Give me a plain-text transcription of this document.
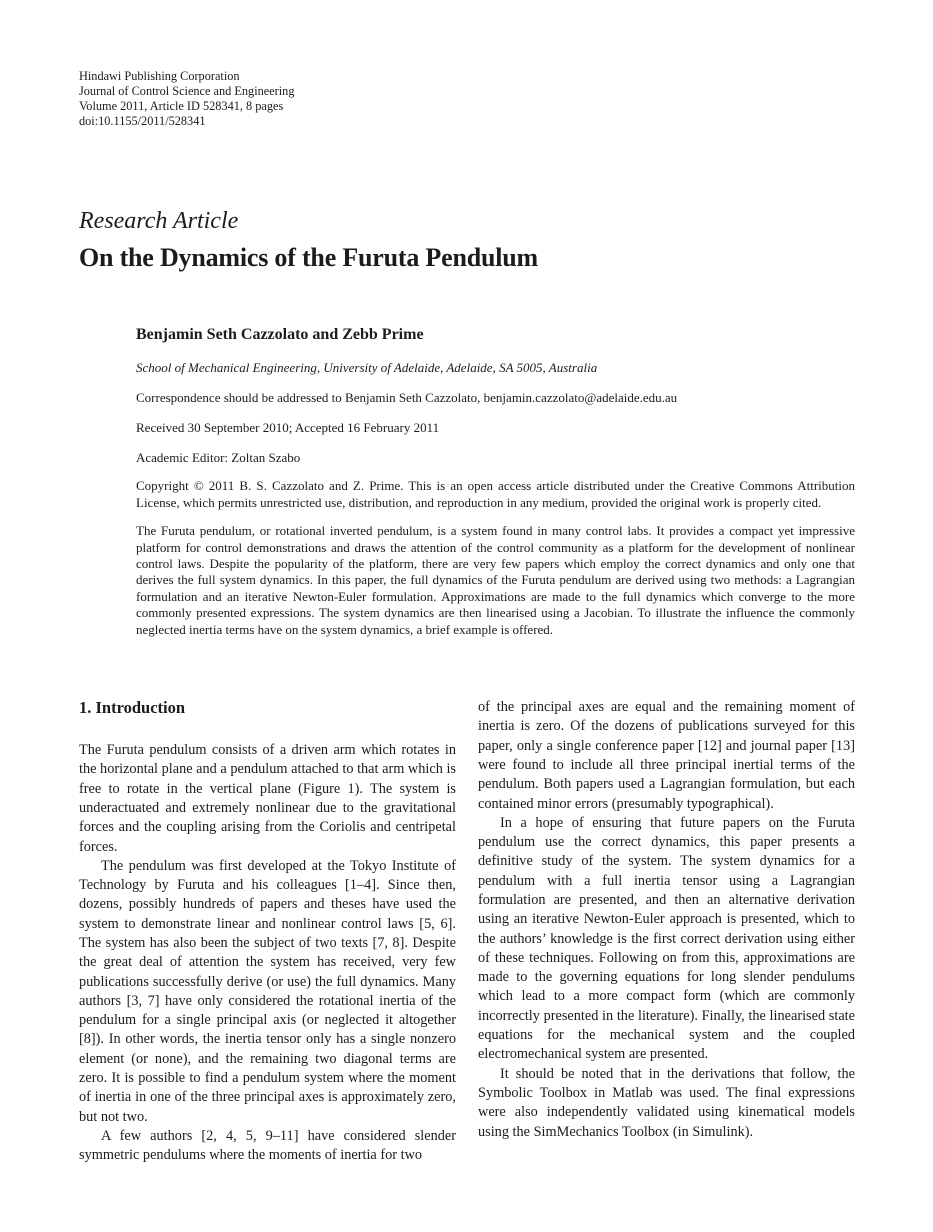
Hindawi Publishing Corporation
Journal of Control Science and Engineering
Volume 2011, Article ID 528341, 8 pages
doi:10.1155/2011/528341
Research Article
On the Dynamics of the Furuta Pendulum
Benjamin Seth Cazzolato and Zebb Prime
School of Mechanical Engineering, University of Adelaide, Adelaide, SA 5005, Australia
Correspondence should be addressed to Benjamin Seth Cazzolato, benjamin.cazzolato@adelaide.edu.au
Received 30 September 2010; Accepted 16 February 2011
Academic Editor: Zoltan Szabo

Copyright © 2011 B. S. Cazzolato and Z. Prime. This is an open access article distributed under the Creative Commons Attribution License, which permits unrestricted use, distribution, and reproduction in any medium, provided the original work is properly cited.

The Furuta pendulum, or rotational inverted pendulum, is a system found in many control labs. It provides a compact yet impressive platform for control demonstrations and draws the attention of the control community as a platform for the development of nonlinear control laws. Despite the popularity of the platform, there are very few papers which employ the correct dynamics and only one that derives the full system dynamics. In this paper, the full dynamics of the Furuta pendulum are derived using two methods: a Lagrangian formulation and an iterative Newton-Euler formulation. Approximations are made to the full dynamics which converge to the more commonly presented expressions. The system dynamics are then linearised using a Jacobian. To illustrate the influence the commonly neglected inertia terms have on the system dynamics, a brief example is offered.

1. Introduction

The Furuta pendulum consists of a driven arm which rotates in the horizontal plane and a pendulum attached to that arm which is free to rotate in the vertical plane (Figure 1). The system is underactuated and extremely nonlinear due to the gravitational forces and the coupling arising from the Coriolis and centripetal forces.

The pendulum was first developed at the Tokyo Institute of Technology by Furuta and his colleagues [1–4]. Since then, dozens, possibly hundreds of papers and theses have used the system to demonstrate linear and nonlinear control laws [5, 6]. The system has also been the subject of two texts [7, 8]. Despite the great deal of attention the system has received, very few publications successfully derive (or use) the full dynamics. Many authors [3, 7] have only considered the rotational inertia of the pendulum for a single principal axis (or neglected it altogether [8]). In other words, the inertia tensor only has a single nonzero element (or none), and the remaining two diagonal terms are zero. It is possible to find a pendulum system where the moment of inertia in one of the three principal axes is approximately zero, but not two.

A few authors [2, 4, 5, 9–11] have considered slender symmetric pendulums where the moments of inertia for two

of the principal axes are equal and the remaining moment of inertia is zero. Of the dozens of publications surveyed for this paper, only a single conference paper [12] and journal paper [13] were found to include all three principal inertial terms of the pendulum. Both papers used a Lagrangian formulation, but each contained minor errors (presumably typographical).

In a hope of ensuring that future papers on the Furuta pendulum use the correct dynamics, this paper presents a definitive study of the system. The system dynamics for a pendulum with a full inertia tensor using a Lagrangian formulation are presented, and then an alternative derivation using an iterative Newton-Euler approach is presented, which to the authors’ knowledge is the first correct derivation using either of these techniques. Following on from this, approximations are made to the governing equations for long slender pendulums which lead to a more compact form (which are commonly incorrectly presented in the literature). Finally, the linearised state equations for the mechanical system and the coupled electromechanical system are presented.

It should be noted that in the derivations that follow, the Symbolic Toolbox in Matlab was used. The final expressions were also independently validated using kinematical models using the SimMechanics Toolbox (in Simulink).
